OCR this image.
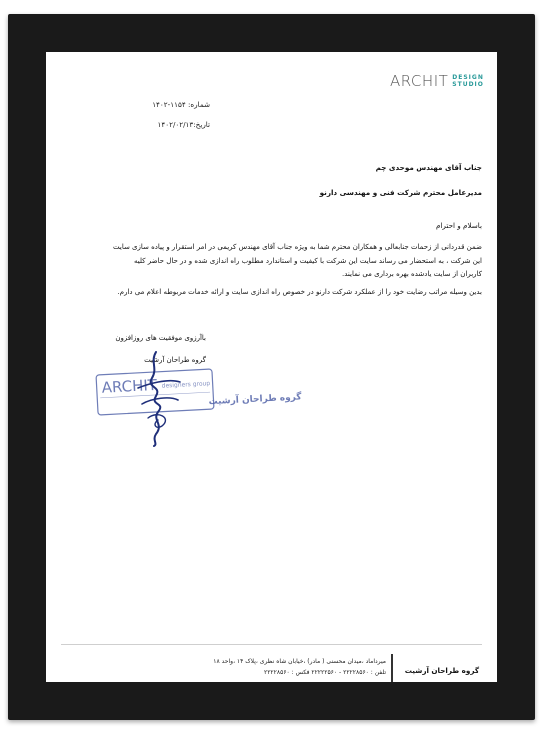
ARCHIT DESIGN
STUDIO
شماره: ۱۱۵۴-۱۴۰۲
تاریخ:۱۴۰۲/۰۲/۱۳
جناب آقای مهندس موحدی چم
مدیرعامل محترم شرکت فنی و مهندسی دارنو
باسلام و احترام

ضمن قدردانی از زحمات جنابعالی و همکاران محترم شما به ویژه جناب آقای مهندس کریمی در امر استقرار و پیاده سازی سایت این شرکت ، به استحضار می رساند سایت این شرکت با کیفیت و استاندارد مطلوب راه اندازی شده و در حال حاضر کلیه کاربران از سایت یادشده بهره برداری می نمایند.

بدین وسیله مراتب رضایت خود را از عملکرد شرکت دارنو در خصوص راه اندازی سایت و ارائه خدمات مربوطه اعلام می دارم.

باآرزوی موفقیت های روزافزون
گروه طراحان آرشیت
ARCHIT designers group
گروه طراحان آرشیت
گروه طراحان آرشیت
میرداماد ،میدان محسنی ( مادر) ،خیابان شاه نظری ،پلاک ۱۴ ،واحد ۱۸
تلفن : ۲۲۲۲۸۵۶۰ - ۲۲۲۲۲۵۶۰ فکس : ۲۲۲۲۸۵۶۰
